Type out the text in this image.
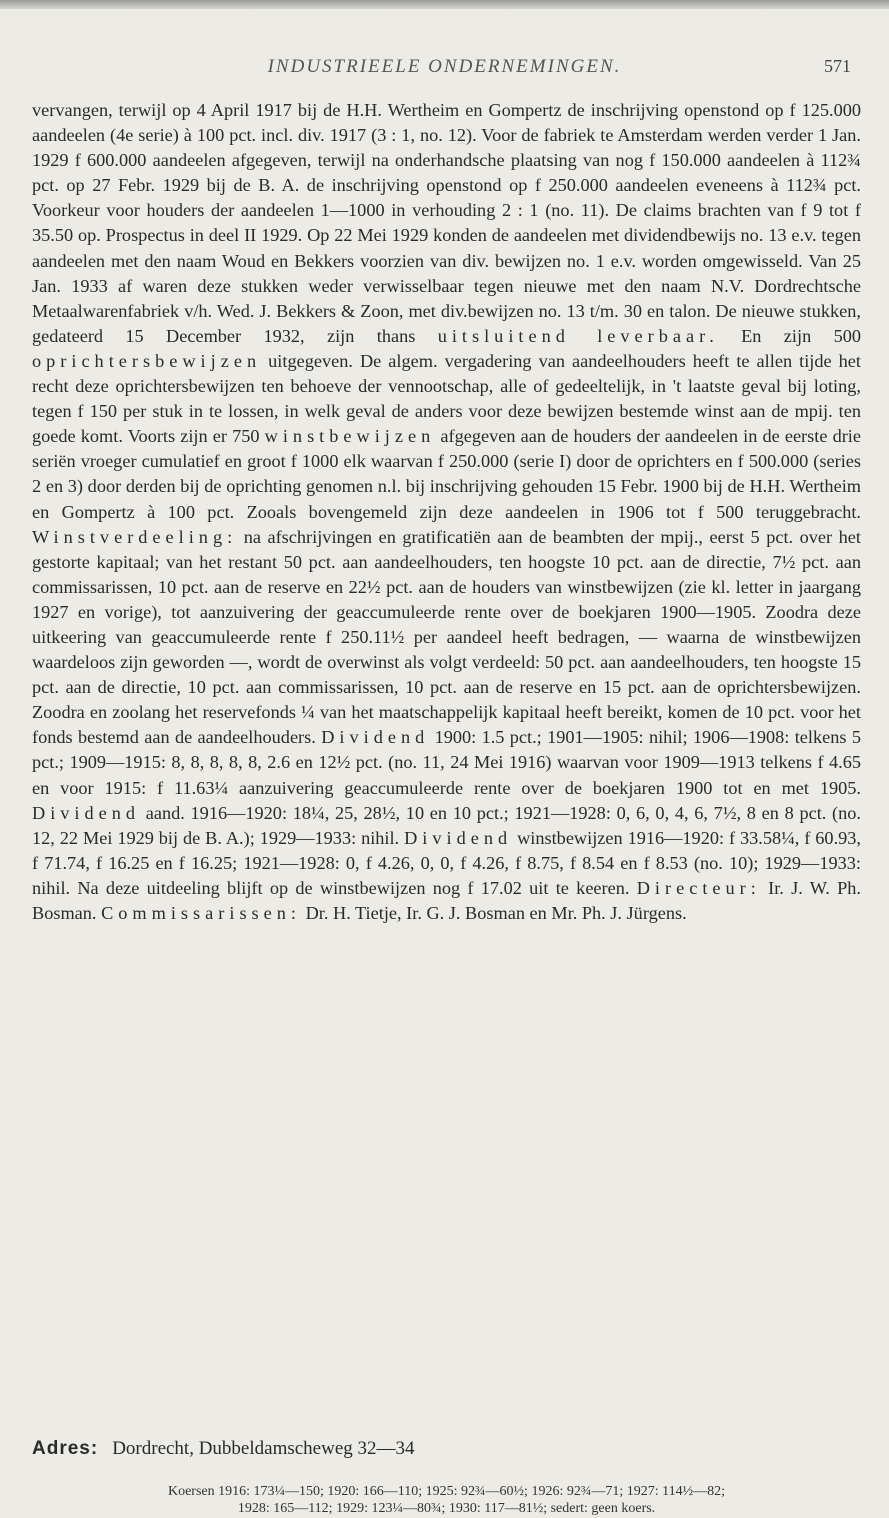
INDUSTRIEELE ONDERNEMINGEN.	571

vervangen, terwijl op 4 April 1917 bij de H.H. Wertheim en Gompertz de inschrijving openstond op f 125.000 aandeelen (4e serie) à 100 pct. incl. div. 1917 (3 : 1, no. 12). Voor de fabriek te Amsterdam werden verder 1 Jan. 1929 f 600.000 aandeelen afgegeven, terwijl na onderhandsche plaatsing van nog f 150.000 aandeelen à 112¾ pct. op 27 Febr. 1929 bij de B. A. de inschrijving openstond op f 250.000 aandeelen eveneens à 112¾ pct. Voorkeur voor houders der aandeelen 1—1000 in verhouding 2 : 1 (no. 11). De claims brachten van f 9 tot f 35.50 op. Prospectus in deel II 1929. Op 22 Mei 1929 konden de aandeelen met dividendbewijs no. 13 e.v. tegen aandeelen met den naam Woud en Bekkers voorzien van div. bewijzen no. 1 e.v. worden omgewisseld. Van 25 Jan. 1933 af waren deze stukken weder verwisselbaar tegen nieuwe met den naam N.V. Dordrechtsche Metaalwarenfabriek v/h. Wed. J. Bekkers & Zoon, met div.bewijzen no. 13 t/m. 30 en talon. De nieuwe stukken, gedateerd 15 December 1932, zijn thans uitsluitend leverbaar. En zijn 500 oprichtersbewijzen uitgegeven. De algem. vergadering van aandeelhouders heeft te allen tijde het recht deze oprichtersbewijzen ten behoeve der vennootschap, alle of gedeeltelijk, in 't laatste geval bij loting, tegen f 150 per stuk in te lossen, in welk geval de anders voor deze bewijzen bestemde winst aan de mpij. ten goede komt. Voorts zijn er 750 winstbewijzen afgegeven aan de houders der aandeelen in de eerste drie seriën vroeger cumulatief en groot f 1000 elk waarvan f 250.000 (serie I) door de oprichters en f 500.000 (series 2 en 3) door derden bij de oprichting genomen n.l. bij inschrijving gehouden 15 Febr. 1900 bij de H.H. Wertheim en Gompertz à 100 pct. Zooals bovengemeld zijn deze aandeelen in 1906 tot f 500 teruggebracht. Winstverdeeling: na afschrijvingen en gratificatiën aan de beambten der mpij., eerst 5 pct. over het gestorte kapitaal; van het restant 50 pct. aan aandeelhouders, ten hoogste 10 pct. aan de directie, 7½ pct. aan commissarissen, 10 pct. aan de reserve en 22½ pct. aan de houders van winstbewijzen (zie kl. letter in jaargang 1927 en vorige), tot aanzuivering der geaccumuleerde rente over de boekjaren 1900—1905. Zoodra deze uitkeering van geaccumuleerde rente f 250.11½ per aandeel heeft bedragen, — waarna de winstbewijzen waardeloos zijn geworden —, wordt de overwinst als volgt verdeeld: 50 pct. aan aandeelhouders, ten hoogste 15 pct. aan de directie, 10 pct. aan commissarissen, 10 pct. aan de reserve en 15 pct. aan de oprichtersbewijzen. Zoodra en zoolang het reservefonds ¼ van het maatschappelijk kapitaal heeft bereikt, komen de 10 pct. voor het fonds bestemd aan de aandeelhouders. Dividend 1900: 1.5 pct.; 1901—1905: nihil; 1906—1908: telkens 5 pct.; 1909—1915: 8, 8, 8, 8, 8, 2.6 en 12½ pct. (no. 11, 24 Mei 1916) waarvan voor 1909—1913 telkens f 4.65 en voor 1915: f 11.63¼ aanzuivering geaccumuleerde rente over de boekjaren 1900 tot en met 1905. Dividend aand. 1916—1920: 18¼, 25, 28½, 10 en 10 pct.; 1921—1928: 0, 6, 0, 4, 6, 7½, 8 en 8 pct. (no. 12, 22 Mei 1929 bij de B. A.); 1929—1933: nihil. Dividend winstbewijzen 1916—1920: f 33.58¼, f 60.93, f 71.74, f 16.25 en f 16.25; 1921—1928: 0, f 4.26, 0, 0, f 4.26, f 8.75, f 8.54 en f 8.53 (no. 10); 1929—1933: nihil. Na deze uitdeeling blijft op de winstbewijzen nog f 17.02 uit te keeren. Directeur: Ir. J. W. Ph. Bosman. Commissarissen: Dr. H. Tietje, Ir. G. J. Bosman en Mr. Ph. J. Jürgens.

Adres: Dordrecht, Dubbeldamscheweg 32—34
Koersen 1916: 173¼—150; 1920: 166—110; 1925: 92¾—60½; 1926: 92¾—71; 1927: 114½—82;
1928: 165—112; 1929: 123¼—80¾; 1930: 117—81½; sedert: geen koers.
